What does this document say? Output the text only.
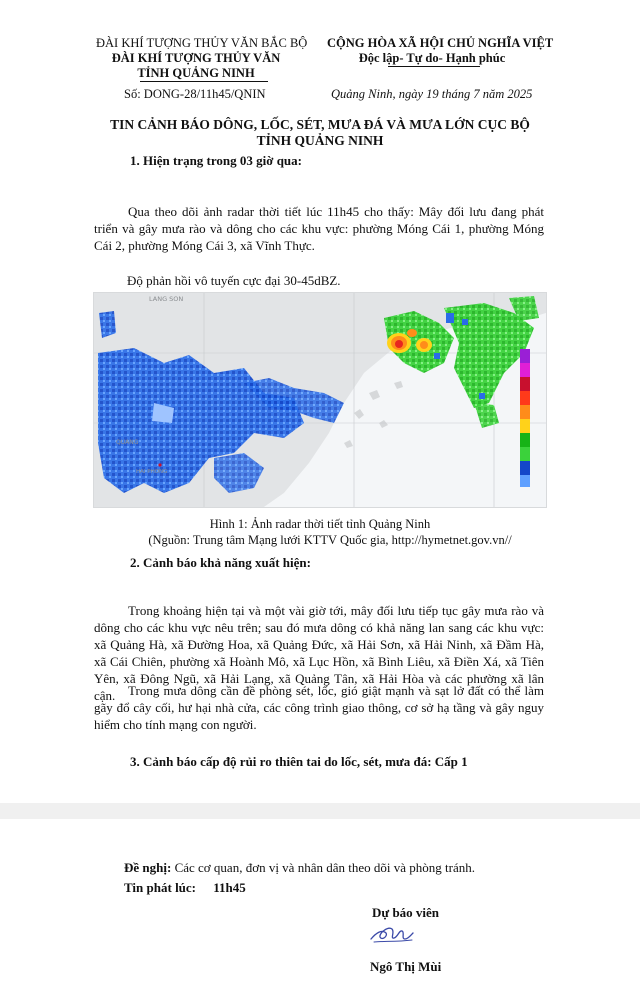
ĐÀI KHÍ TƯỢNG THỦY VĂN BẮC BỘ
ĐÀI KHÍ TƯỢNG THỦY VĂN
TỈNH QUẢNG NINH
Số: DONG-28/11h45/QNIN
CỘNG HÒA XÃ HỘI CHỦ NGHĨA VIỆT
Độc lập- Tự do- Hạnh phúc
Quảng Ninh, ngày 19 tháng 7 năm 2025
TIN CẢNH BÁO DÔNG, LỐC, SÉT, MƯA ĐÁ VÀ MƯA LỚN CỤC BỘ
TỈNH QUẢNG NINH
1. Hiện trạng trong 03 giờ qua:
Qua theo dõi ảnh radar thời tiết lúc 11h45 cho thấy: Mây đối lưu đang phát triển và gây mưa rào và dông cho các khu vực: phường Móng Cái 1, phường Móng Cái 2, phường Móng Cái 3, xã Vĩnh Thực.
Độ phản hồi vô tuyến cực đại 30-45dBZ.
LANG SON
QUANG
HAI PHONG
Hình 1: Ảnh radar thời tiết tỉnh Quảng Ninh
(Nguồn: Trung tâm Mạng lưới KTTV Quốc gia, http://hymetnet.gov.vn//
2. Cảnh báo khả năng xuất hiện:
Trong khoảng hiện tại và một vài giờ tới, mây đối lưu tiếp tục gây mưa rào và dông cho các khu vực nêu trên; sau đó mưa dông có khả năng lan sang các khu vực: xã Quảng Hà, xã Đường Hoa, xã Quảng Đức, xã Hải Sơn, xã Hải Ninh, xã Đầm Hà, xã Cái Chiên, phường xã Hoành Mô, xã Lục Hồn, xã Bình Liêu, xã Điền Xá, xã Tiên Yên, xã Đông Ngũ, xã Hải Lạng, xã Quảng Tân, xã Hải Hòa và các phường xã lân cận. Trong mưa dông cần đề phòng sét, lốc, gió giật mạnh và sạt lở đất có thể làm gãy đổ cây cối, hư hại nhà cửa, các công trình giao thông, cơ sở hạ tầng và gây nguy hiểm cho tính mạng con người.
3. Cảnh báo cấp độ rủi ro thiên tai do lốc, sét, mưa đá: Cấp 1
Đề nghị: Các cơ quan, đơn vị và nhân dân theo dõi và phòng tránh.
Tin phát lúc: 11h45
Dự báo viên
Ngô Thị Mùi
